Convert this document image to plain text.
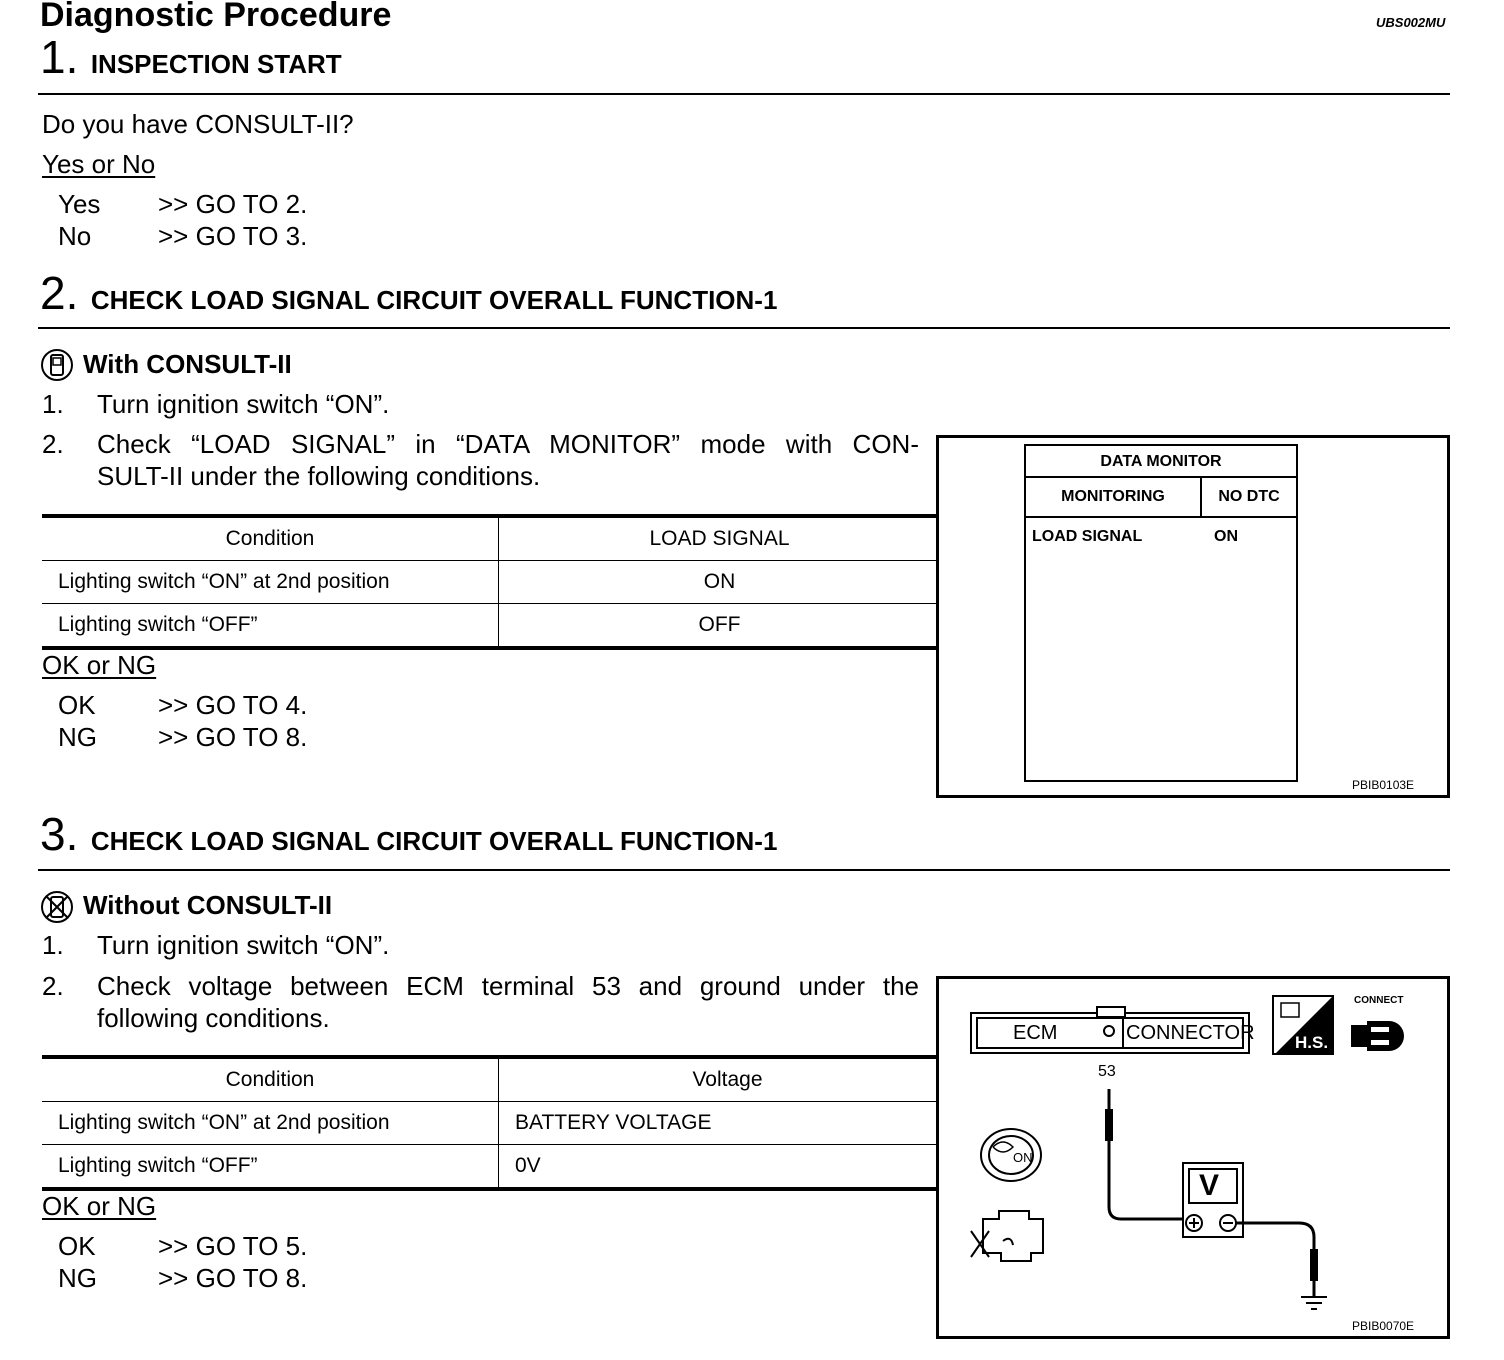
Diagnostic Procedure	UBS002MU
1. INSPECTION START
Do you have CONSULT-II?
Yes or No
Yes >> GO TO 2.
No	>> GO TO 3.
2. CHECK LOAD SIGNAL CIRCUIT OVERALL FUNCTION-1
With CONSULT-II
1. Turn ignition switch “ON”.
2. Check “LOAD SIGNAL” in “DATA MONITOR” mode with CON-
SULT-II under the following conditions.
Condition	LOAD SIGNAL
Lighting switch “ON” at 2nd position	ON
Lighting switch “OFF”	OFF
OK or NG
OK >> GO TO 4.
NG >> GO TO 8.
DATA MONITOR
MONITORING	NO DTC
LOAD SIGNAL	ON
PBIB0103E
3. CHECK LOAD SIGNAL CIRCUIT OVERALL FUNCTION-1
Without CONSULT-II
1. Turn ignition switch “ON”.
2. Check voltage between ECM terminal 53 and ground under the
following conditions.
Condition	Voltage
Lighting switch “ON” at 2nd position	BATTERY VOLTAGE
Lighting switch “OFF”	0V
OK or NG
OK >> GO TO 5.
NG >> GO TO 8.
ECM	CONNECTOR
53
V
H.S.
CONNECT
ON
PBIB0070E
